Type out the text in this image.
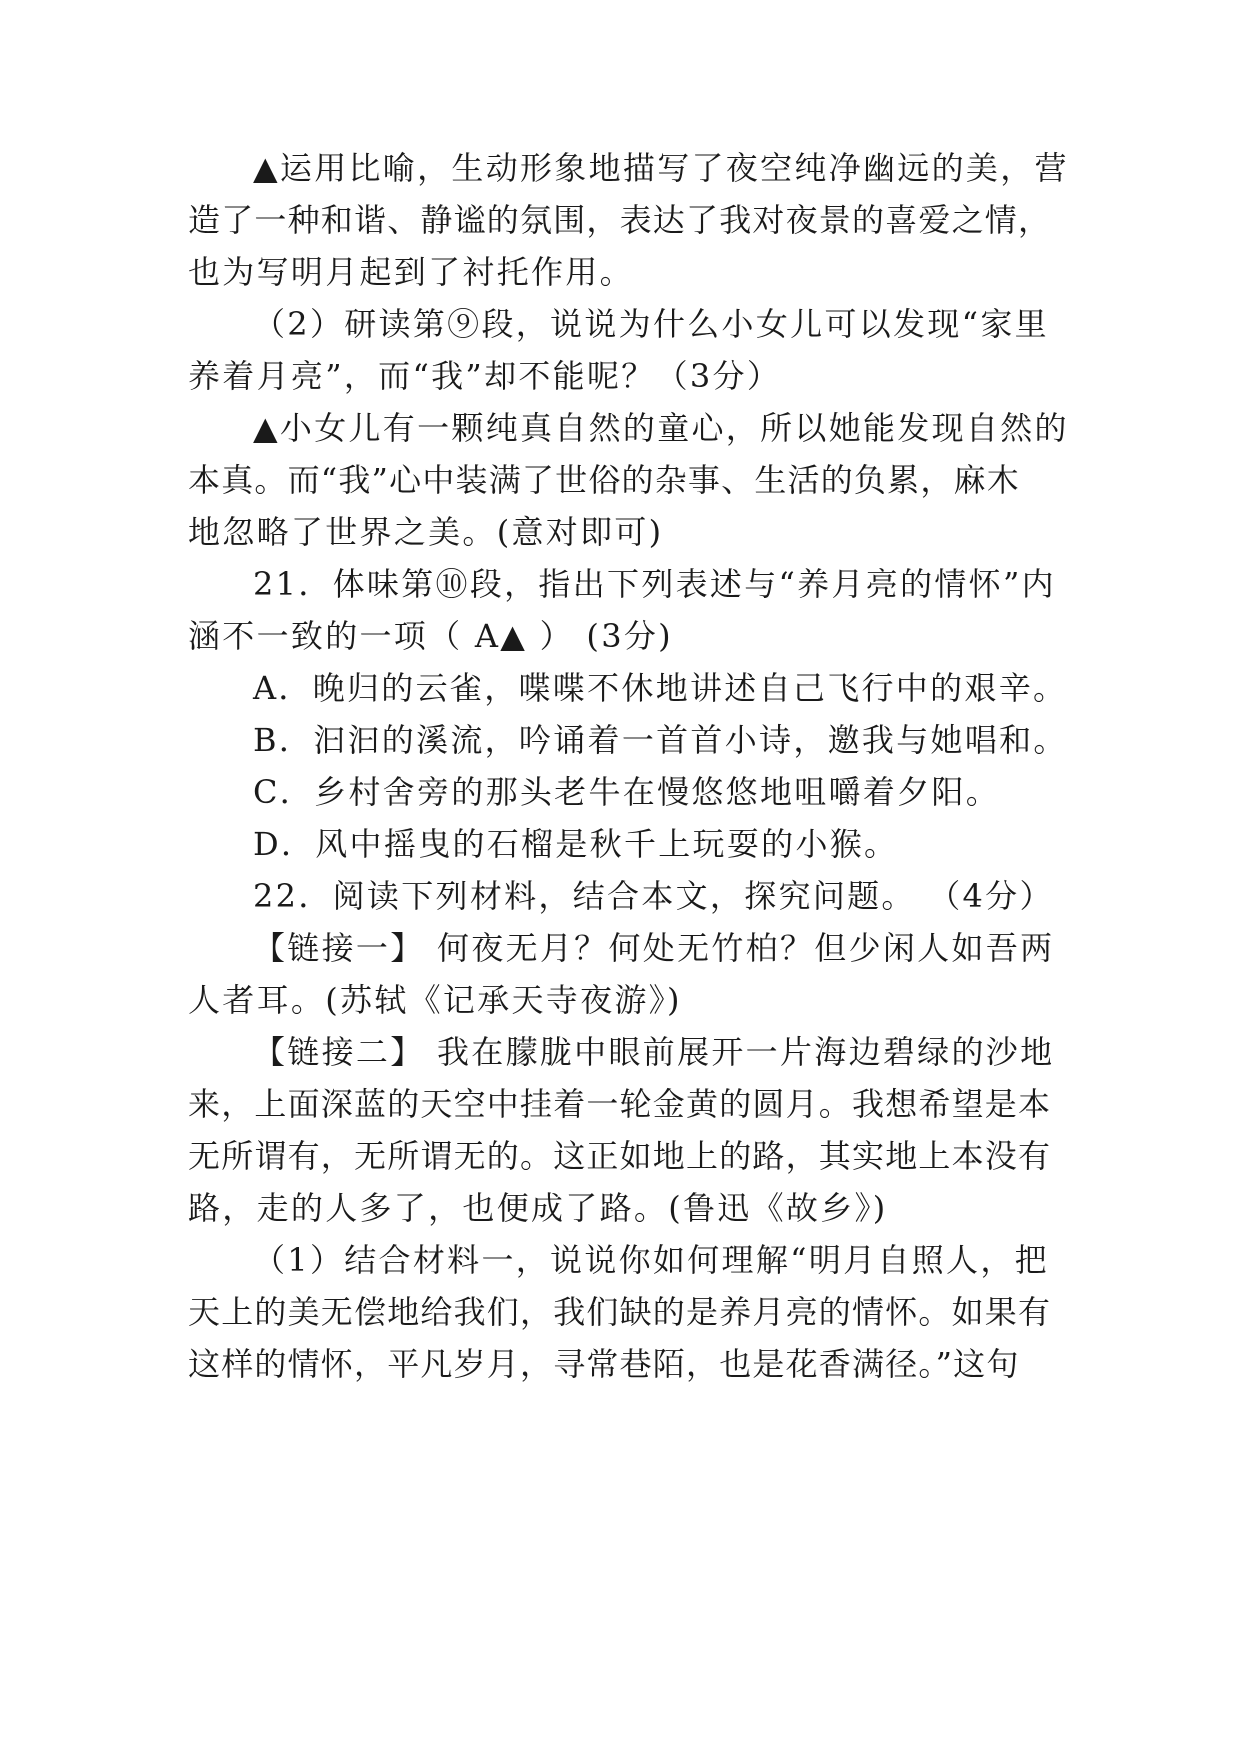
▲运用比喻，生动形象地描写了夜空纯净幽远的美，营
造了一种和谐、静谧的氛围，表达了我对夜景的喜爱之情，
也为写明月起到了衬托作用。
（2）研读第⑨段，说说为什么小女儿可以发现“家里
养着月亮”，而“我”却不能呢？（3分）
▲小女儿有一颗纯真自然的童心，所以她能发现自然的
本真。而“我”心中装满了世俗的杂事、生活的负累，麻木
地忽略了世界之美。(意对即可)
21．体味第⑩段，指出下列表述与“养月亮的情怀”内
涵不一致的一项（ A▲ ） (3分)
A．晚归的云雀，喋喋不休地讲述自己飞行中的艰辛。
B．汩汩的溪流，吟诵着一首首小诗，邀我与她唱和。
C．乡村舍旁的那头老牛在慢悠悠地咀嚼着夕阳。
D．风中摇曳的石榴是秋千上玩耍的小猴。
22．阅读下列材料，结合本文，探究问题。 （4分）
【链接一】 何夜无月？何处无竹柏？但少闲人如吾两
人者耳。(苏轼《记承天寺夜游》)
【链接二】 我在朦胧中眼前展开一片海边碧绿的沙地
来，上面深蓝的天空中挂着一轮金黄的圆月。我想希望是本
无所谓有，无所谓无的。这正如地上的路，其实地上本没有
路，走的人多了，也便成了路。(鲁迅《故乡》)
（1）结合材料一，说说你如何理解“明月自照人，把
天上的美无偿地给我们，我们缺的是养月亮的情怀。如果有
这样的情怀，平凡岁月，寻常巷陌，也是花香满径。”这句
